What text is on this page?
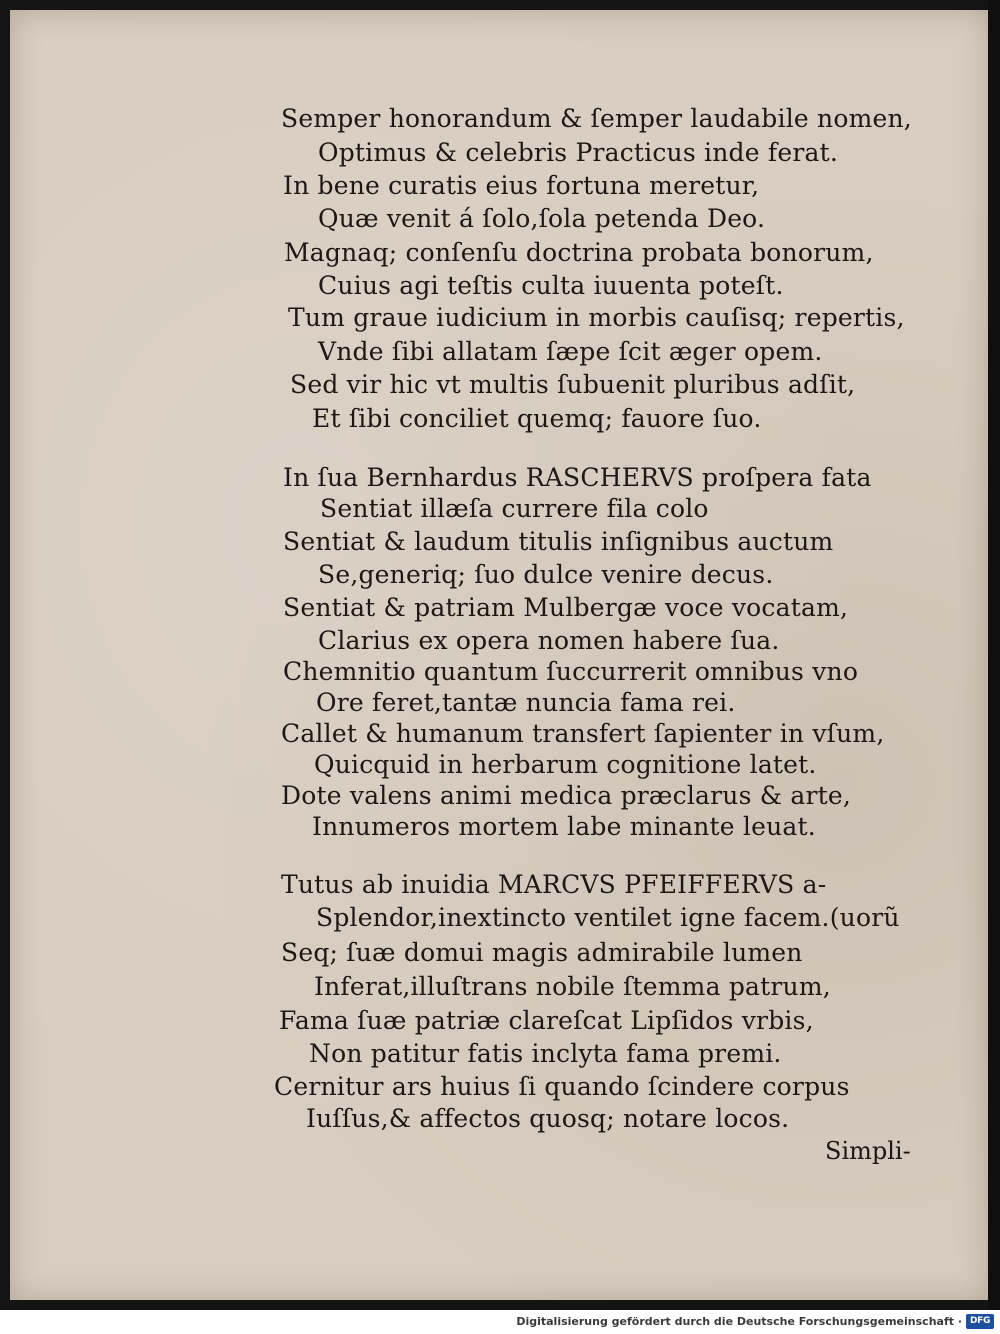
Semper honorandum & ſemper laudabile nomen,
Optimus & celebris Practicus inde ferat.
In bene curatis eius fortuna meretur,
Quæ venit á ſolo,ſola petenda Deo.
Magnaq; conſenſu doctrina probata bonorum,
Cuius agi teſtis culta iuuenta poteſt.
Tum graue iudicium in morbis cauſisq; repertis,
Vnde ſibi allatam ſæpe ſcit æger opem.
Sed vir hic vt multis ſubuenit pluribus adſit,
Et ſibi conciliet quemq; fauore ſuo.
In ſua Bernhardus RASCHERVS proſpera fata
Sentiat illæſa currere fila colo
Sentiat & laudum titulis inſignibus auctum
Se,generiq; ſuo dulce venire decus.
Sentiat & patriam Mulbergæ voce vocatam,
Clarius ex opera nomen habere ſua.
Chemnitio quantum ſuccurrerit omnibus vno
Ore feret,tantæ nuncia fama rei.
Callet & humanum transfert ſapienter in vſum,
Quicquid in herbarum cognitione latet.
Dote valens animi medica præclarus & arte,
Innumeros mortem labe minante leuat.
Tutus ab inuidia MARCVS PFEIFFERVS a-
Splendor,inextincto ventilet igne facem.(uorũ
Seq; ſuæ domui magis admirabile lumen
Inferat,illuſtrans nobile ſtemma patrum,
Fama ſuæ patriæ clareſcat Lipſidos vrbis,
Non patitur fatis inclyta fama premi.
Cernitur ars huius ſi quando ſcindere corpus
Iuſſus,& affectos quosq; notare locos.
Simpli-
Digitalisierung gefördert durch die Deutsche Forschungsgemeinschaft · DFG
